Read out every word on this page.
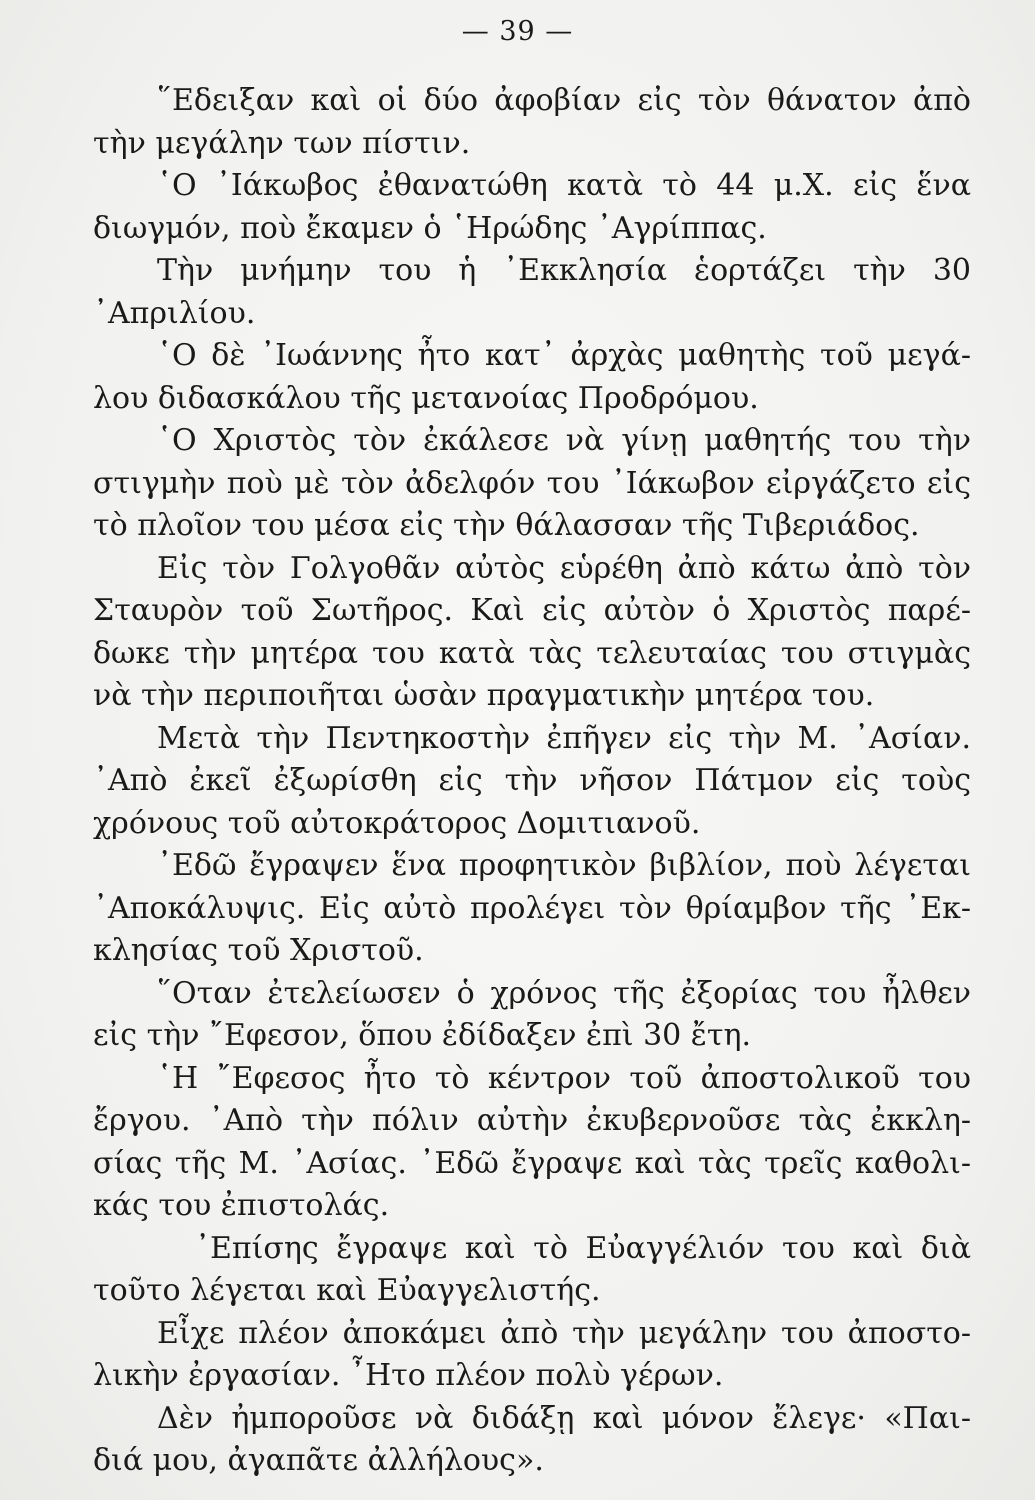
— 39 —
῞Εδειξαν καὶ οἱ δύο ἀφοβίαν εἰς τὸν θάνατον ἀπὸ
τὴν μεγάλην των πίστιν.
῾Ο ᾿Ιάκωβος ἐθανατώθη κατὰ τὸ 44 μ.Χ. εἰς ἕνα
διωγμόν, ποὺ ἔκαμεν ὁ ῾Ηρώδης ᾿Αγρίππας.
Τὴν μνήμην του ἡ ᾿Εκκλησία ἑορτάζει τὴν 30
᾿Απριλίου.
῾Ο δὲ ᾿Ιωάννης ἦτο κατ᾿ ἀρχὰς μαθητὴς τοῦ μεγά-
λου διδασκάλου τῆς μετανοίας Προδρόμου.
῾Ο Χριστὸς τὸν ἐκάλεσε νὰ γίνῃ μαθητής του τὴν
στιγμὴν ποὺ μὲ τὸν ἀδελφόν του ᾿Ιάκωβον εἰργάζετο εἰς
τὸ πλοῖον του μέσα εἰς τὴν θάλασσαν τῆς Τιβεριάδος.
Εἰς τὸν Γολγοθᾶν αὐτὸς εὑρέθη ἀπὸ κάτω ἀπὸ τὸν
Σταυρὸν τοῦ Σωτῆρος. Καὶ εἰς αὐτὸν ὁ Χριστὸς παρέ-
δωκε τὴν μητέρα του κατὰ τὰς τελευταίας του στιγμὰς
νὰ τὴν περιποιῆται ὡσὰν πραγματικὴν μητέρα του.
Μετὰ τὴν Πεντηκοστὴν ἐπῆγεν εἰς τὴν Μ. ᾿Ασίαν.
᾿Απὸ ἐκεῖ ἐξωρίσθη εἰς τὴν νῆσον Πάτμον εἰς τοὺς
χρόνους τοῦ αὐτοκράτορος Δομιτιανοῦ.
᾿Εδῶ ἔγραψεν ἕνα προφητικὸν βιβλίον, ποὺ λέγεται
᾿Αποκάλυψις. Εἰς αὐτὸ προλέγει τὸν θρίαμβον τῆς ᾿Εκ-
κλησίας τοῦ Χριστοῦ.
῞Οταν ἐτελείωσεν ὁ χρόνος τῆς ἐξορίας του ἦλθεν
εἰς τὴν ῎Εφεσον, ὅπου ἐδίδαξεν ἐπὶ 30 ἔτη.
῾Η ῎Εφεσος ἦτο τὸ κέντρον τοῦ ἀποστολικοῦ του
ἔργου. ᾿Απὸ τὴν πόλιν αὐτὴν ἐκυβερνοῦσε τὰς ἐκκλη-
σίας τῆς Μ. ᾿Ασίας. ᾿Εδῶ ἔγραψε καὶ τὰς τρεῖς καθολι-
κάς του ἐπιστολάς.
᾿Επίσης ἔγραψε καὶ τὸ Εὐαγγέλιόν του καὶ διὰ
τοῦτο λέγεται καὶ Εὐαγγελιστής.
Εἶχε πλέον ἀποκάμει ἀπὸ τὴν μεγάλην του ἀποστο-
λικὴν ἐργασίαν. ῏Ητο πλέον πολὺ γέρων.
Δὲν ἠμποροῦσε νὰ διδάξῃ καὶ μόνον ἔλεγε· «Παι-
διά μου, ἀγαπᾶτε ἀλλήλους».
